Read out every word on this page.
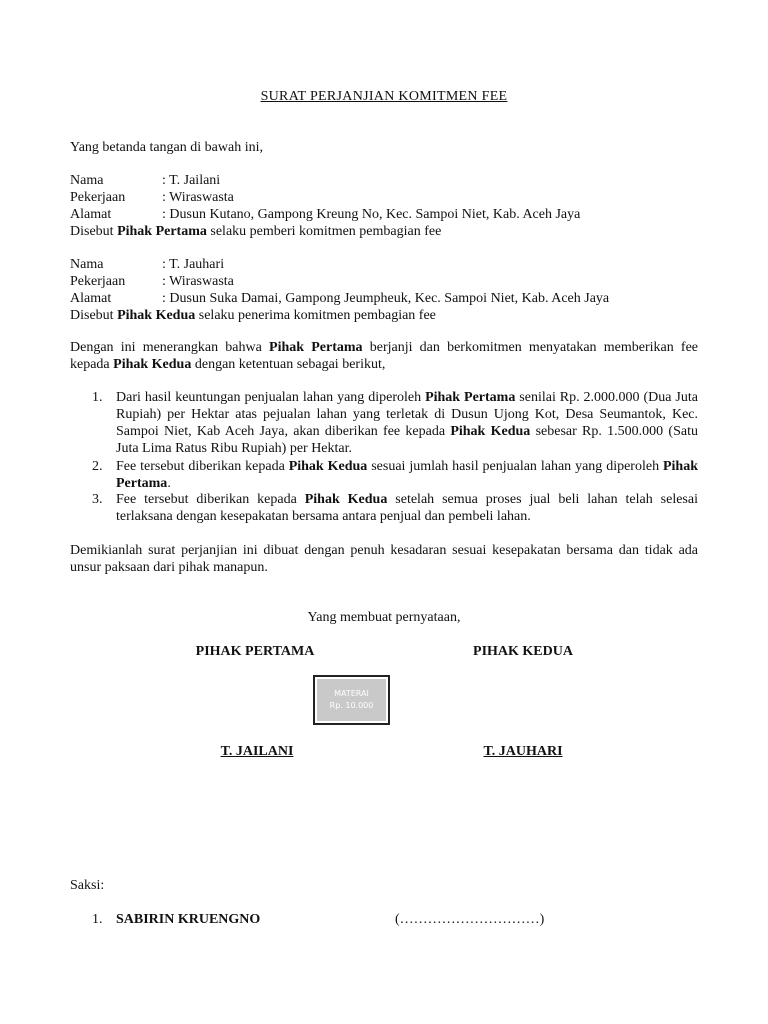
SURAT PERJANJIAN KOMITMEN FEE
Yang betanda tangan di bawah ini,
Nama	: T. Jailani
Pekerjaan	: Wiraswasta
Alamat	: Dusun Kutano, Gampong Kreung No, Kec. Sampoi Niet, Kab. Aceh Jaya
Disebut Pihak Pertama selaku pemberi komitmen pembagian fee
Nama	: T. Jauhari
Pekerjaan	: Wiraswasta
Alamat	: Dusun Suka Damai, Gampong Jeumpheuk, Kec. Sampoi Niet, Kab. Aceh Jaya
Disebut Pihak Kedua selaku penerima komitmen pembagian fee
Dengan ini menerangkan bahwa Pihak Pertama berjanji dan berkomitmen menyatakan memberikan fee kepada Pihak Kedua dengan ketentuan sebagai berikut,
1. Dari hasil keuntungan penjualan lahan yang diperoleh Pihak Pertama senilai Rp. 2.000.000 (Dua Juta Rupiah) per Hektar atas pejualan lahan yang terletak di Dusun Ujong Kot, Desa Seumantok, Kec. Sampoi Niet, Kab Aceh Jaya, akan diberikan fee kepada Pihak Kedua sebesar Rp. 1.500.000 (Satu Juta Lima Ratus Ribu Rupiah) per Hektar.
2. Fee tersebut diberikan kepada Pihak Kedua sesuai jumlah hasil penjualan lahan yang diperoleh Pihak Pertama.
3. Fee tersebut diberikan kepada Pihak Kedua setelah semua proses jual beli lahan telah selesai terlaksana dengan kesepakatan bersama antara penjual dan pembeli lahan.
Demikianlah surat perjanjian ini dibuat dengan penuh kesadaran sesuai kesepakatan bersama dan tidak ada unsur paksaan dari pihak manapun.
Yang membuat pernyataan,
PIHAK PERTAMA	PIHAK KEDUA
MATERAI
Rp. 10.000
T. JAILANI	T. JAUHARI
Saksi:
1. SABIRIN KRUENGNO	(…………………………)
